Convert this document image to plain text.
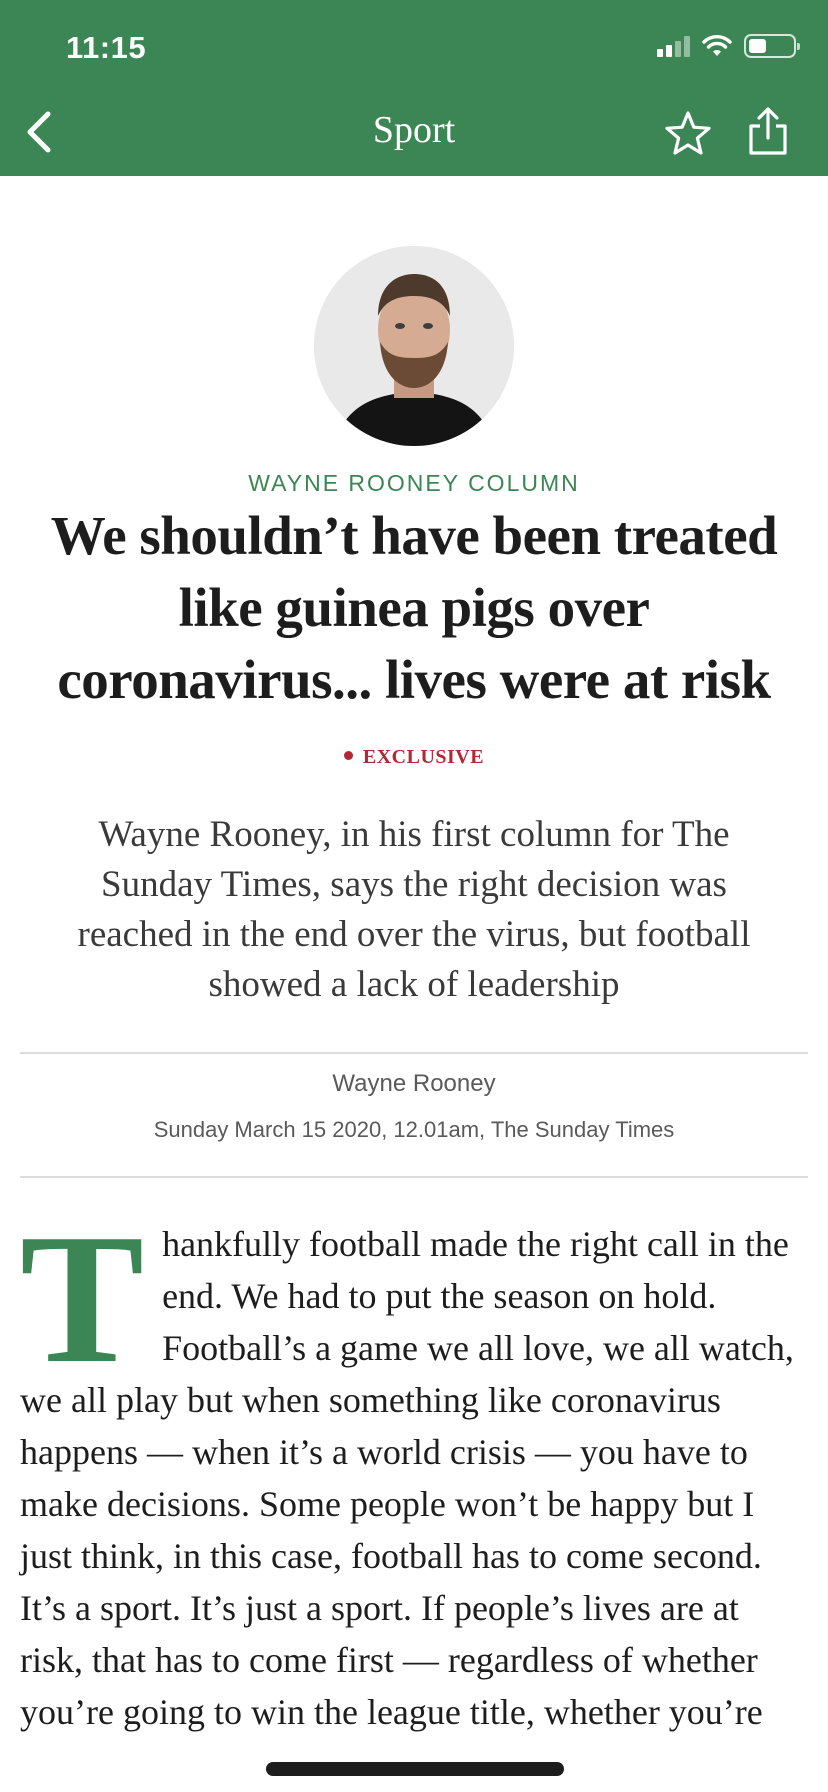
11:15
Sport
WAYNE ROONEY COLUMN
We shouldn’t have been treated
like guinea pigs over
coronavirus... lives were at risk
EXCLUSIVE
Wayne Rooney, in his first column for The
Sunday Times, says the right decision was
reached in the end over the virus, but football
showed a lack of leadership
Wayne Rooney
Sunday March 15 2020, 12.01am, The Sunday Times
Thankfully football made the right call in the end. We had to put the season on hold. Football’s a game we all love, we all watch, we all play but when something like coronavirus happens — when it’s a world crisis — you have to make decisions. Some people won’t be happy but I just think, in this case, football has to come second. It’s a sport. It’s just a sport. If people’s lives are at risk, that has to come first — regardless of whether you’re going to win the league title, whether you’re
